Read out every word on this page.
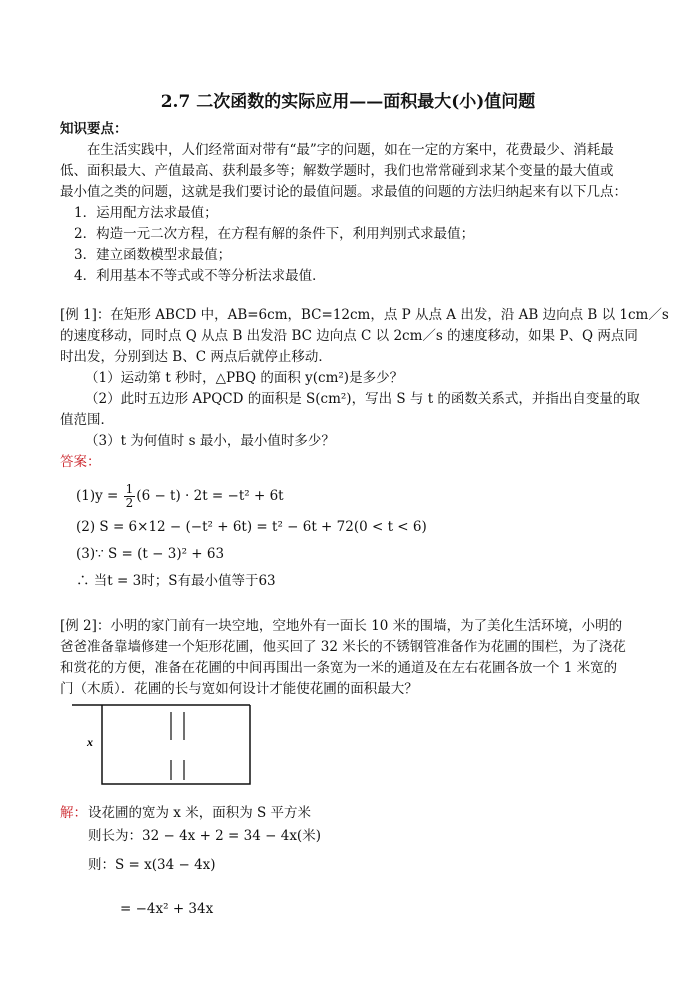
2.7 二次函数的实际应用——面积最大(小)值问题
知识要点：
在生活实践中，人们经常面对带有“最”字的问题，如在一定的方案中，花费最少、消耗最
低、面积最大、产值最高、获利最多等；解数学题时，我们也常常碰到求某个变量的最大值或
最小值之类的问题，这就是我们要讨论的最值问题。求最值的问题的方法归纳起来有以下几点：
1．运用配方法求最值；
2．构造一元二次方程，在方程有解的条件下，利用判别式求最值；
3．建立函数模型求最值；
4．利用基本不等式或不等分析法求最值．
[例 1]：在矩形 ABCD 中，AB=6cm，BC=12cm，点 P 从点 A 出发，沿 AB 边向点 B 以 1cm／s
的速度移动，同时点 Q 从点 B 出发沿 BC 边向点 C 以 2cm／s 的速度移动，如果 P、Q 两点同
时出发，分别到达 B、C 两点后就停止移动．
（1）运动第 t 秒时，△PBQ 的面积 y(cm²)是多少？
（2）此时五边形 APQCD 的面积是 S(cm²)，写出 S 与 t 的函数关系式，并指出自变量的取
值范围．
（3）t 为何值时 s 最小，最小值时多少？
答案：
$(1)y = \frac{1}{2} (6 - t) \cdot 2t = -t^2 + 6t$
(2) S = 6×12 − (−t² + 6t) = t² − 6t + 72(0 < t < 6)
(3)∵ S = (t − 3)² + 63
∴ 当t = 3时；S有最小值等于63
[例 2]：小明的家门前有一块空地，空地外有一面长 10 米的围墙，为了美化生活环境，小明的
爸爸准备靠墙修建一个矩形花圃，他买回了 32 米长的不锈钢管准备作为花圃的围栏，为了浇花
和赏花的方便，准备在花圃的中间再围出一条宽为一米的通道及在左右花圃各放一个 1 米宽的
门（木质）．花圃的长与宽如何设计才能使花圃的面积最大？
x
解： 设花圃的宽为 x 米，面积为 S 平方米
则长为：32 − 4x + 2 = 34 − 4x(米)
则：S = x(34 − 4x)
= −4x² + 34x
